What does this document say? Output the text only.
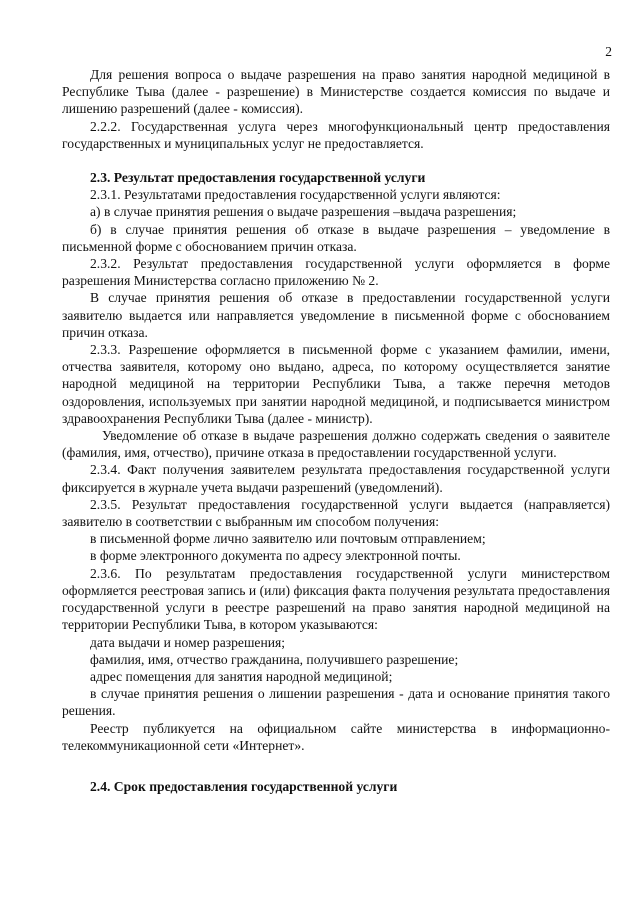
2

Для решения вопроса о выдаче разрешения на право занятия народной медициной в Республике Тыва (далее - разрешение) в Министерстве создается комиссия по выдаче и лишению разрешений (далее - комиссия).

2.2.2. Государственная услуга через многофункциональный центр предоставления государственных и муниципальных услуг не предоставляется.

2.3. Результат предоставления государственной услуги

2.3.1. Результатами предоставления государственной услуги являются:

а) в случае принятия решения о выдаче разрешения –выдача разрешения;

б) в случае принятия решения об отказе в выдаче разрешения – уведомление в письменной форме с обоснованием причин отказа.

2.3.2. Результат предоставления государственной услуги оформляется в форме разрешения Министерства согласно приложению № 2.

В случае принятия решения об отказе в предоставлении государственной услуги заявителю выдается или направляется уведомление в письменной форме с обоснованием причин отказа.

2.3.3. Разрешение оформляется в письменной форме с указанием фамилии, имени, отчества заявителя, которому оно выдано, адреса, по которому осуществляется занятие народной медициной на территории Республики Тыва, а также перечня методов оздоровления, используемых при занятии народной медициной, и подписывается министром здравоохранения Республики Тыва (далее - министр).

Уведомление об отказе в выдаче разрешения должно содержать сведения о заявителе (фамилия, имя, отчество), причине отказа в предоставлении государственной услуги.

2.3.4. Факт получения заявителем результата предоставления государственной услуги фиксируется в журнале учета выдачи разрешений (уведомлений).

2.3.5. Результат предоставления государственной услуги выдается (направляется) заявителю в соответствии с выбранным им способом получения:

в письменной форме лично заявителю или почтовым отправлением;

в форме электронного документа по адресу электронной почты.

2.3.6. По результатам предоставления государственной услуги министерством оформляется реестровая запись и (или) фиксация факта получения результата предоставления государственной услуги в реестре разрешений на право занятия народной медициной на территории Республики Тыва, в котором указываются:

дата выдачи и номер разрешения;

фамилия, имя, отчество гражданина, получившего разрешение;

адрес помещения для занятия народной медициной;

в случае принятия решения о лишении разрешения - дата и основание принятия такого решения.

Реестр публикуется на официальном сайте министерства в информационно-телекоммуникационной сети «Интернет».

2.4. Срок предоставления государственной услуги
